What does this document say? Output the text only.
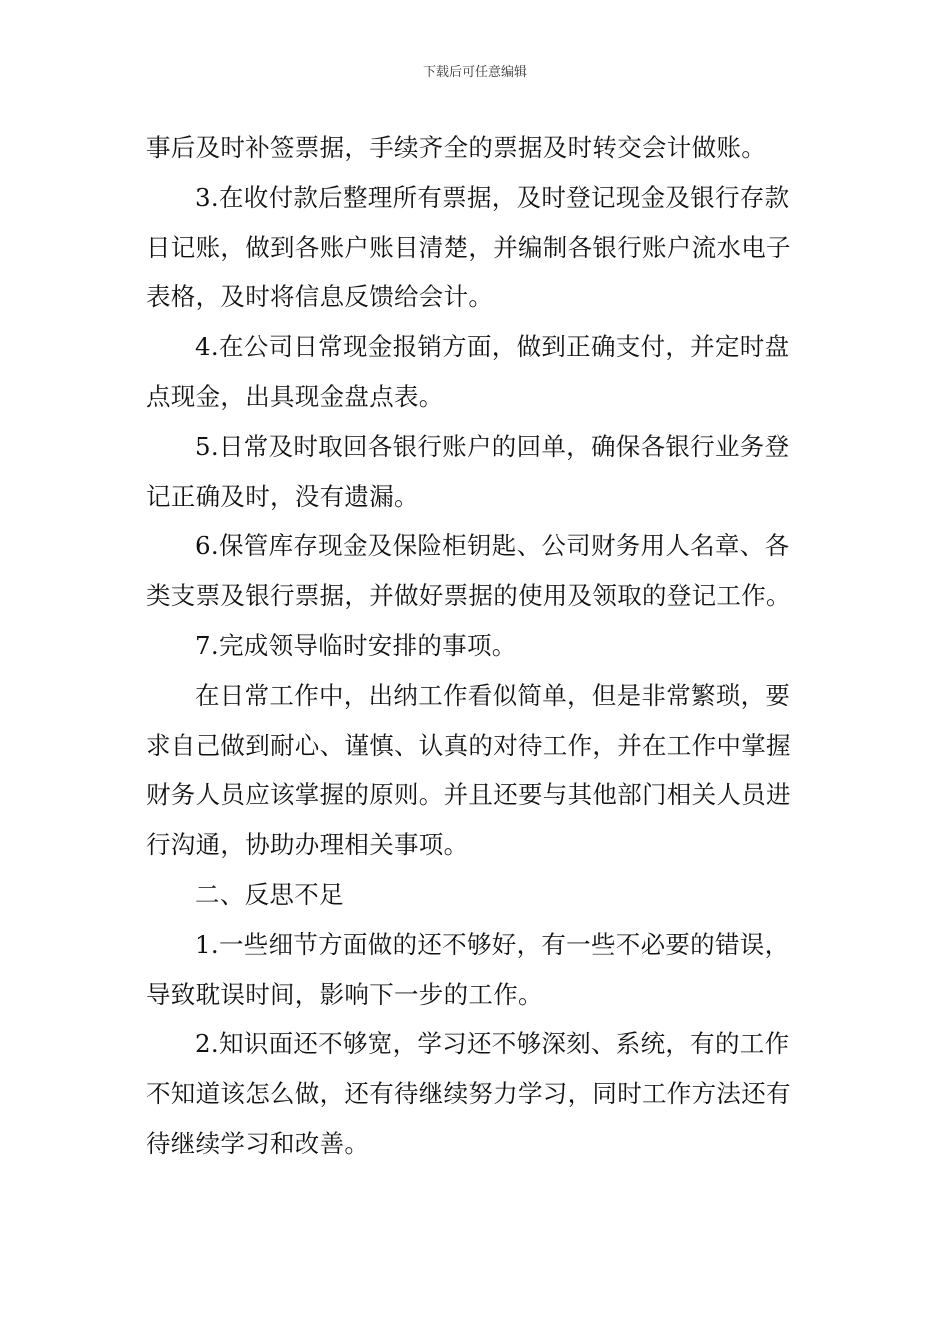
下载后可任意编辑

事后及时补签票据，手续齐全的票据及时转交会计做账。

3.在收付款后整理所有票据，及时登记现金及银行存款日记账，做到各账户账目清楚，并编制各银行账户流水电子表格，及时将信息反馈给会计。

4.在公司日常现金报销方面，做到正确支付，并定时盘点现金，出具现金盘点表。

5.日常及时取回各银行账户的回单，确保各银行业务登记正确及时，没有遗漏。

6.保管库存现金及保险柜钥匙、公司财务用人名章、各类支票及银行票据，并做好票据的使用及领取的登记工作。

7.完成领导临时安排的事项。

在日常工作中，出纳工作看似简单，但是非常繁琐，要求自己做到耐心、谨慎、认真的对待工作，并在工作中掌握财务人员应该掌握的原则。并且还要与其他部门相关人员进行沟通，协助办理相关事项。

二、反思不足

1.一些细节方面做的还不够好，有一些不必要的错误，导致耽误时间，影响下一步的工作。

2.知识面还不够宽，学习还不够深刻、系统，有的工作不知道该怎么做，还有待继续努力学习，同时工作方法还有待继续学习和改善。
